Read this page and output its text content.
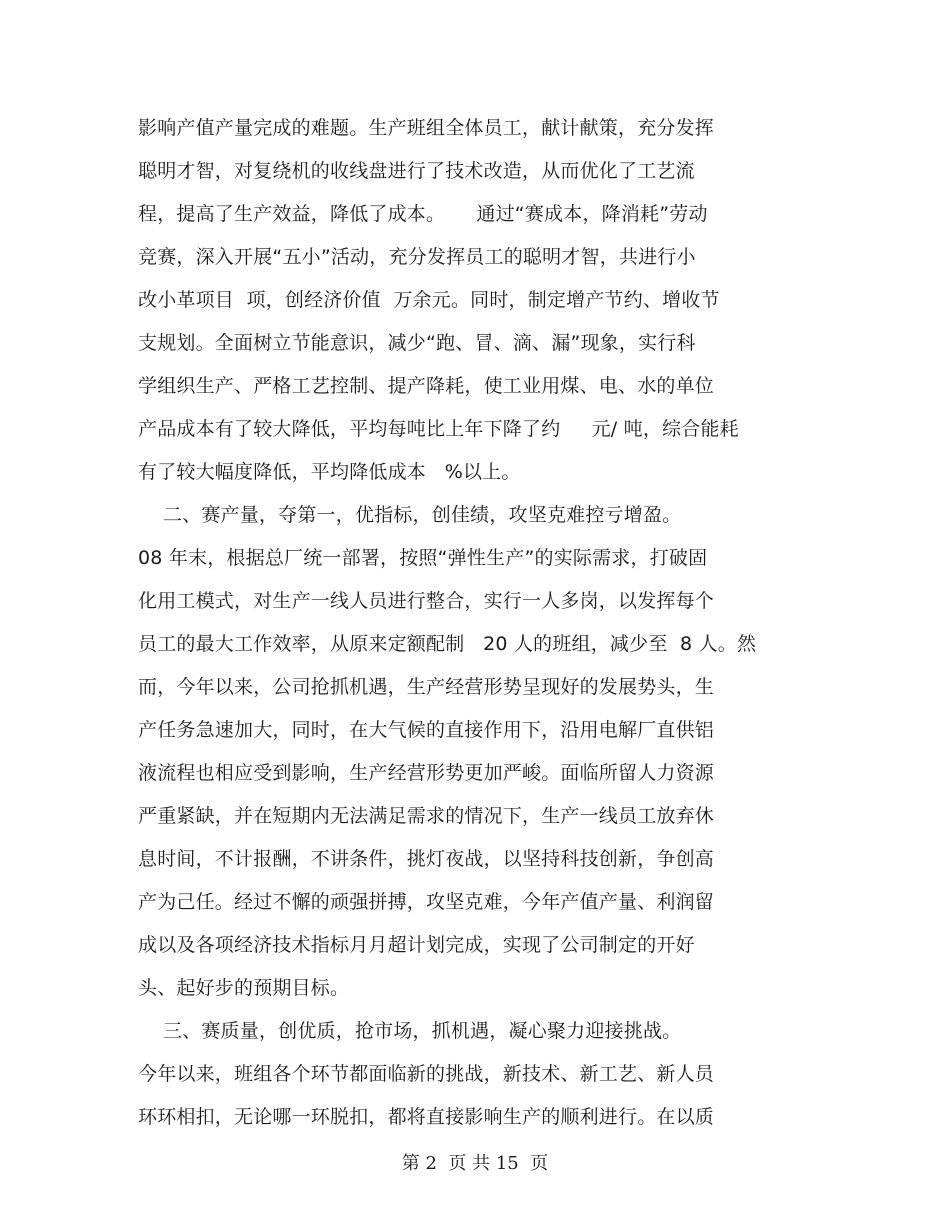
影响产值产量完成的难题。生产班组全体员工，献计献策，充分发挥
聪明才智，对复绕机的收线盘进行了技术改造，从而优化了工艺流
程，提高了生产效益，降低了成本。     通过“赛成本，降消耗”劳动
竞赛，深入开展“五小”活动，充分发挥员工的聪明才智，共进行小
改小革项目  项，创经济价值  万余元。同时，制定增产节约、增收节
支规划。全面树立节能意识，减少“跑、冒、滴、漏”现象，实行科
学组织生产、严格工艺控制、提产降耗，使工业用煤、电、水的单位
产品成本有了较大降低，平均每吨比上年下降了约     元/ 吨，综合能耗
有了较大幅度降低，平均降低成本   %以上。
二、赛产量，夺第一，优指标，创佳绩，攻坚克难控亏增盈。
08 年末，根据总厂统一部署，按照“弹性生产”的实际需求，打破固
化用工模式，对生产一线人员进行整合，实行一人多岗，以发挥每个
员工的最大工作效率，从原来定额配制   20 人的班组，减少至  8 人。然
而，今年以来，公司抢抓机遇，生产经营形势呈现好的发展势头，生
产任务急速加大，同时，在大气候的直接作用下，沿用电解厂直供铝
液流程也相应受到影响，生产经营形势更加严峻。面临所留人力资源
严重紧缺，并在短期内无法满足需求的情况下，生产一线员工放弃休
息时间，不计报酬，不讲条件，挑灯夜战，以坚持科技创新，争创高
产为己任。经过不懈的顽强拼搏，攻坚克难，今年产值产量、利润留
成以及各项经济技术指标月月超计划完成，实现了公司制定的开好
头、起好步的预期目标。
三、赛质量，创优质，抢市场，抓机遇，凝心聚力迎接挑战。
今年以来，班组各个环节都面临新的挑战，新技术、新工艺、新人员
环环相扣，无论哪一环脱扣，都将直接影响生产的顺利进行。在以质
第 2  页 共 15  页
